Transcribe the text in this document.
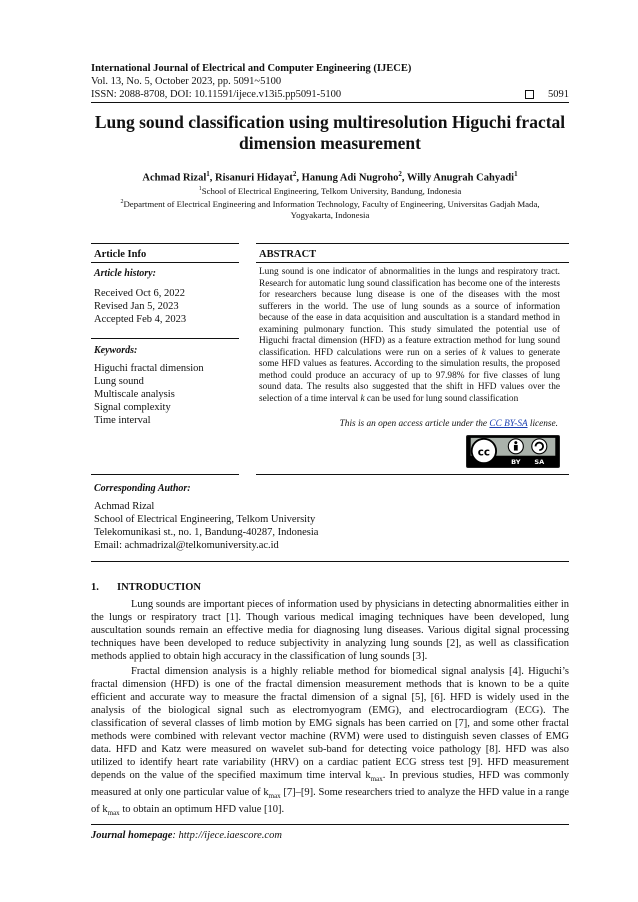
International Journal of Electrical and Computer Engineering (IJECE)
Vol. 13, No. 5, October 2023, pp. 5091~5100
ISSN: 2088-8708, DOI: 10.11591/ijece.v13i5.pp5091-5100	5091
Lung sound classification using multiresolution Higuchi fractal
dimension measurement
Achmad Rizal$^1$, Risanuri Hidayat$^2$, Hanung Adi Nugroho$^2$, Willy Anugrah Cahyadi$^1$
$^1$School of Electrical Engineering, Telkom University, Bandung, Indonesia
$^2$Department of Electrical Engineering and Information Technology, Faculty of Engineering, Universitas Gadjah Mada,
Yogyakarta, Indonesia
Article Info	ABSTRACT
Article history:
Received Oct 6, 2022
Revised Jan 5, 2023
Accepted Feb 4, 2023
Keywords:
Higuchi fractal dimension
Lung sound
Multiscale analysis
Signal complexity
Time interval
Lung sound is one indicator of abnormalities in the lungs and respiratory tract. Research for automatic lung sound classification has become one of the interests for researchers because lung disease is one of the diseases with the most sufferers in the world. The use of lung sounds as a source of information because of the ease in data acquisition and auscultation is a standard method in examining pulmonary function. This study simulated the potential use of Higuchi fractal dimension (HFD) as a feature extraction method for lung sound classification. HFD calculations were run on a series of k values to generate some HFD values as features. According to the simulation results, the proposed method could produce an accuracy of up to 97.98% for five classes of lung sound data. The results also suggested that the shift in HFD values over the selection of a time interval k can be used for lung sound classification
This is an open access article under the CC BY-SA license.
cc
BY SA
Corresponding Author:
Achmad Rizal
School of Electrical Engineering, Telkom University
Telekomunikasi st., no. 1, Bandung-40287, Indonesia
Email: achmadrizal@telkomuniversity.ac.id
1. INTRODUCTION
Lung sounds are important pieces of information used by physicians in detecting abnormalities either in the lungs or respiratory tract [1]. Though various medical imaging techniques have been developed, lung auscultation sounds remain an effective media for diagnosing lung diseases. Various digital signal processing techniques have been developed to reduce subjectivity in analyzing lung sounds [2], as well as classification methods applied to obtain high accuracy in the classification of lung sounds [3].
Fractal dimension analysis is a highly reliable method for biomedical signal analysis [4]. Higuchi’s fractal dimension (HFD) is one of the fractal dimension measurement methods that is known to be a quite efficient and accurate way to measure the fractal dimension of a signal [5], [6]. HFD is widely used in the analysis of the biological signal such as electromyogram (EMG), and electrocardiogram (ECG). The classification of several classes of limb motion by EMG signals has been carried on [7], and some other fractal methods were combined with relevant vector machine (RVM) were used to distinguish seven classes of EMG data. HFD and Katz were measured on wavelet sub-band for detecting voice pathology [8]. HFD was also utilized to identify heart rate variability (HRV) on a cardiac patient ECG stress test [9]. HFD measurement depends on the value of the specified maximum time interval $k_{max}$. In previous studies, HFD was commonly measured at only one particular value of $k_{max}$ [7]–[9]. Some researchers tried to analyze the HFD value in a range of $k_{max}$ to obtain an optimum HFD value [10].
Journal homepage: http://ijece.iaescore.com
